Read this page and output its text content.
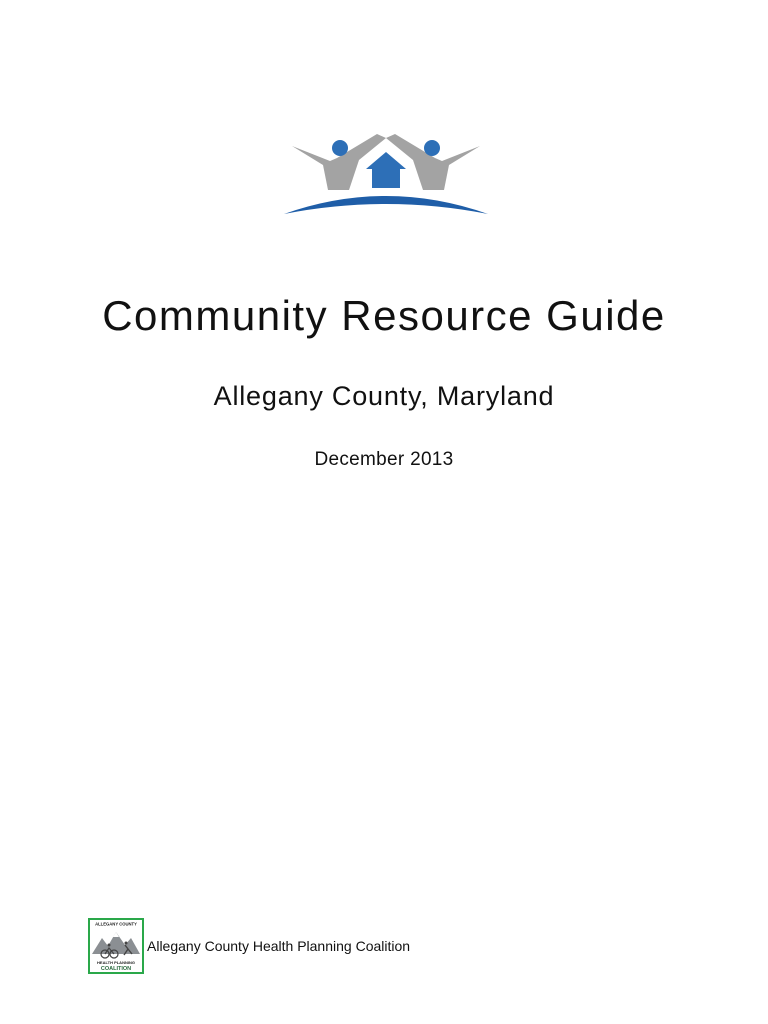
Community Resource Guide
Allegany County, Maryland
December 2013
ALLEGANY COUNTY
HEALTH PLANNING
COALITION
Allegany County Health Planning Coalition
